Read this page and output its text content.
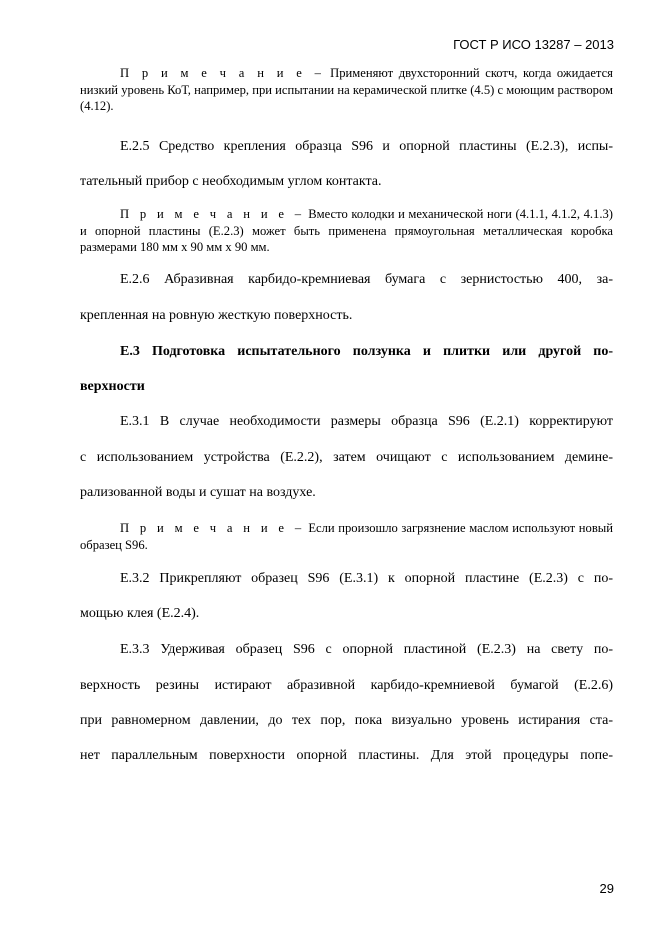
ГОСТ Р ИСО 13287 – 2013

П р и м е ч а н и е – Применяют двухсторонний скотч, когда ожидается низкий уровень КоТ, например, при испытании на керамической плитке (4.5) с моющим раствором (4.12).

Е.2.5 Средство крепления образца S96 и опорной пластины (Е.2.3), испы-

тательный прибор с необходимым углом контакта.

П р и м е ч а н и е – Вместо колодки и механической ноги (4.1.1, 4.1.2, 4.1.3) и опорной пластины (Е.2.3) может быть применена прямоугольная металлическая коробка размерами 180 мм х 90 мм х 90 мм.

Е.2.6 Абразивная карбидо-кремниевая бумага с зернистостью 400, за-

крепленная на ровную жесткую поверхность.

Е.3 Подготовка испытательного ползунка и плитки или другой по-

верхности

Е.3.1 В случае необходимости размеры образца S96 (Е.2.1) корректируют

с использованием устройства (Е.2.2), затем очищают с использованием демине-

рализованной воды и сушат на воздухе.

П р и м е ч а н и е – Если произошло загрязнение маслом используют новый образец S96.

Е.3.2 Прикрепляют образец S96 (Е.3.1) к опорной пластине (Е.2.3) с по-

мощью клея (Е.2.4).

Е.3.3 Удерживая образец S96 с опорной пластиной (Е.2.3) на свету по-

верхность резины истирают абразивной карбидо-кремниевой бумагой (Е.2.6)

при равномерном давлении, до тех пор, пока визуально уровень истирания ста-

нет параллельным поверхности опорной пластины. Для этой процедуры попе-

29
